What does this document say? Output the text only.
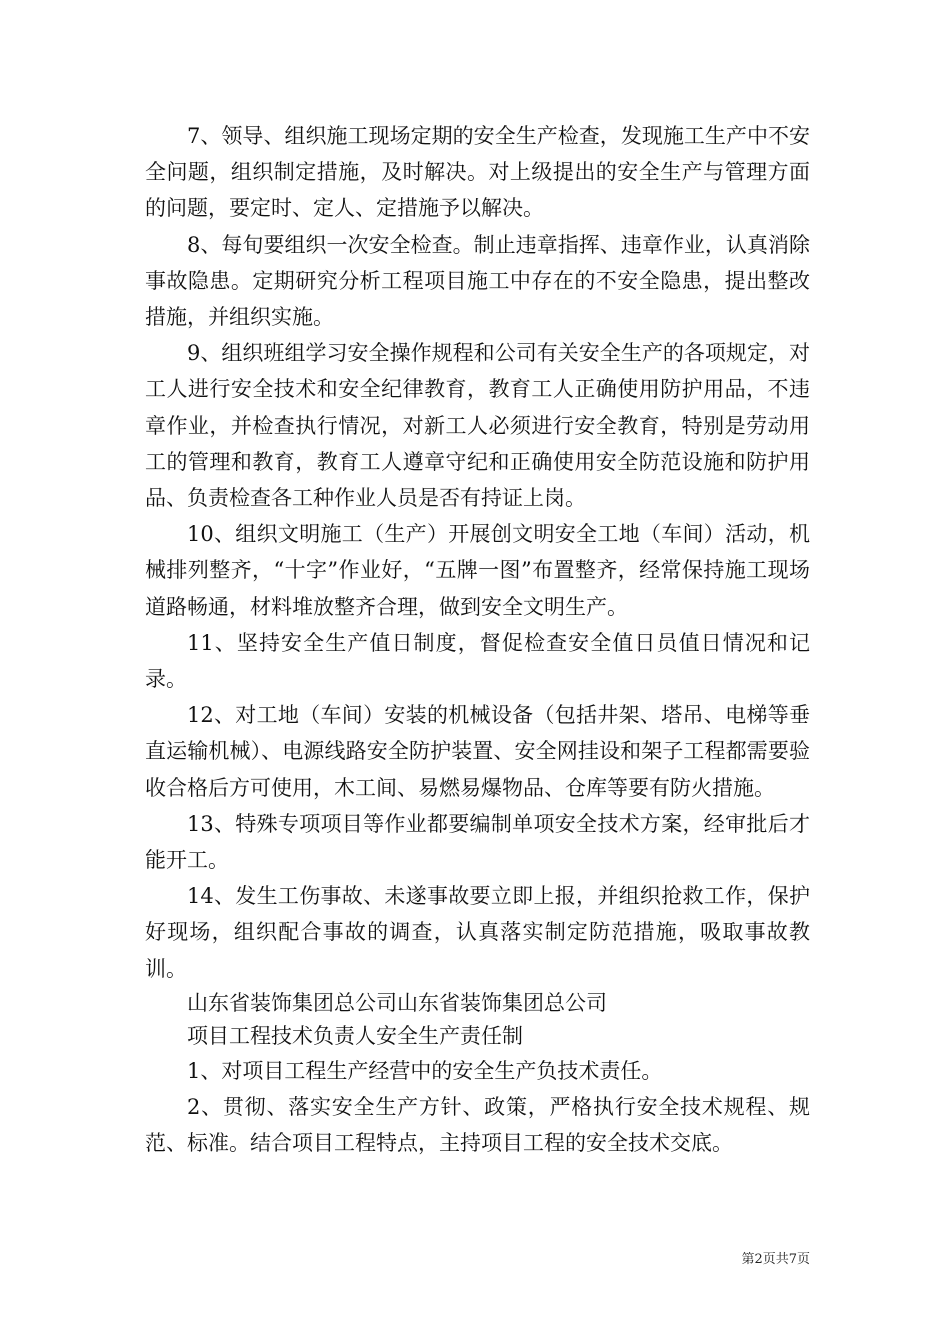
7、领导、组织施工现场定期的安全生产检查，发现施工生产中不安全问题，组织制定措施，及时解决。对上级提出的安全生产与管理方面的问题，要定时、定人、定措施予以解决。

8、每旬要组织一次安全检查。制止违章指挥、违章作业，认真消除事故隐患。定期研究分析工程项目施工中存在的不安全隐患，提出整改措施，并组织实施。

9、组织班组学习安全操作规程和公司有关安全生产的各项规定，对工人进行安全技术和安全纪律教育，教育工人正确使用防护用品，不违章作业，并检查执行情况，对新工人必须进行安全教育，特别是劳动用工的管理和教育，教育工人遵章守纪和正确使用安全防范设施和防护用品、负责检查各工种作业人员是否有持证上岗。

10、组织文明施工（生产）开展创文明安全工地（车间）活动，机械排列整齐，“十字”作业好，“五牌一图”布置整齐，经常保持施工现场道路畅通，材料堆放整齐合理，做到安全文明生产。

11、坚持安全生产值日制度，督促检查安全值日员值日情况和记录。

12、对工地（车间）安装的机械设备（包括井架、塔吊、电梯等垂直运输机械）、电源线路安全防护装置、安全网挂设和架子工程都需要验收合格后方可使用，木工间、易燃易爆物品、仓库等要有防火措施。

13、特殊专项项目等作业都要编制单项安全技术方案，经审批后才能开工。

14、发生工伤事故、未遂事故要立即上报，并组织抢救工作，保护好现场，组织配合事故的调查，认真落实制定防范措施，吸取事故教训。

山东省装饰集团总公司山东省装饰集团总公司

项目工程技术负责人安全生产责任制

1、对项目工程生产经营中的安全生产负技术责任。

2、贯彻、落实安全生产方针、政策，严格执行安全技术规程、规范、标准。结合项目工程特点，主持项目工程的安全技术交底。

第2页共7页
